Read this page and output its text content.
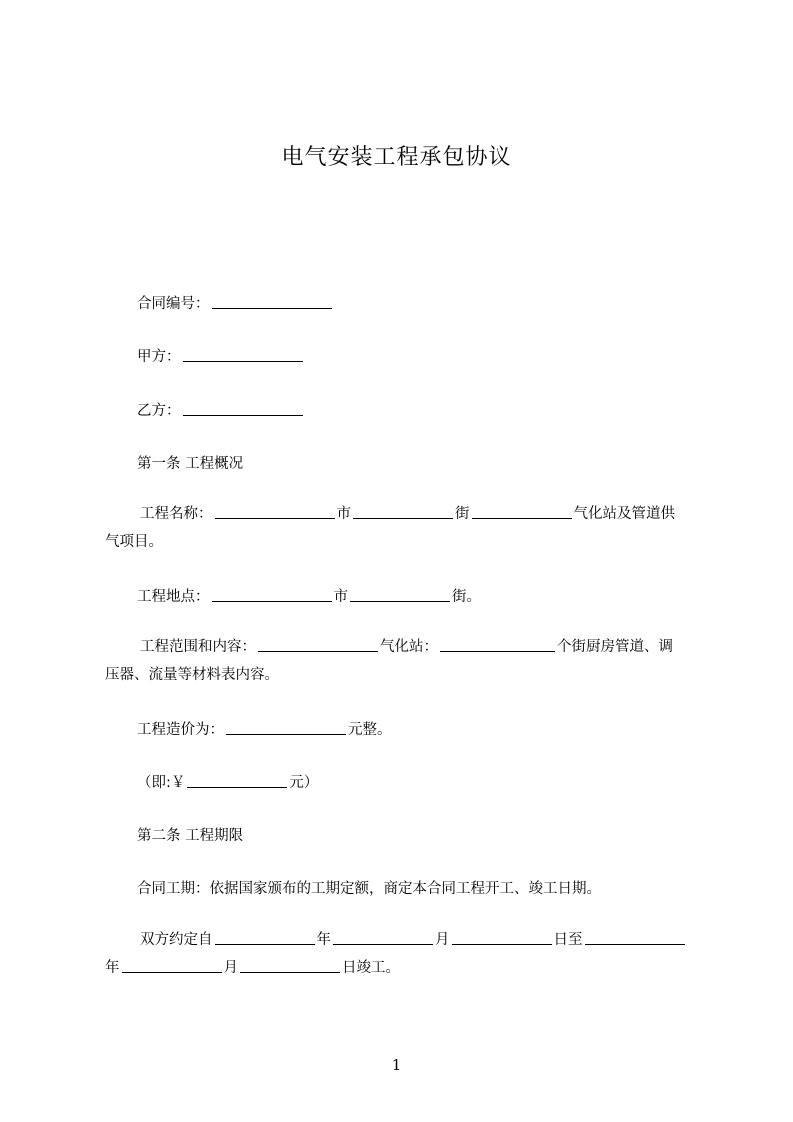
电气安装工程承包协议
合同编号：
甲方：
乙方：
第一条 工程概况
工程名称：	市	街	气化站及管道供
气项目。
工程地点：	市	街。
工程范围和内容：	气化站：	个街厨房管道、调
压器、流量等材料表内容。
工程造价为：	元整。
（即:￥	元）
第二条 工程期限
合同工期：依据国家颁布的工期定额，商定本合同工程开工、竣工日期。
双方约定自	年	月	日至
年	月	日竣工。
1
